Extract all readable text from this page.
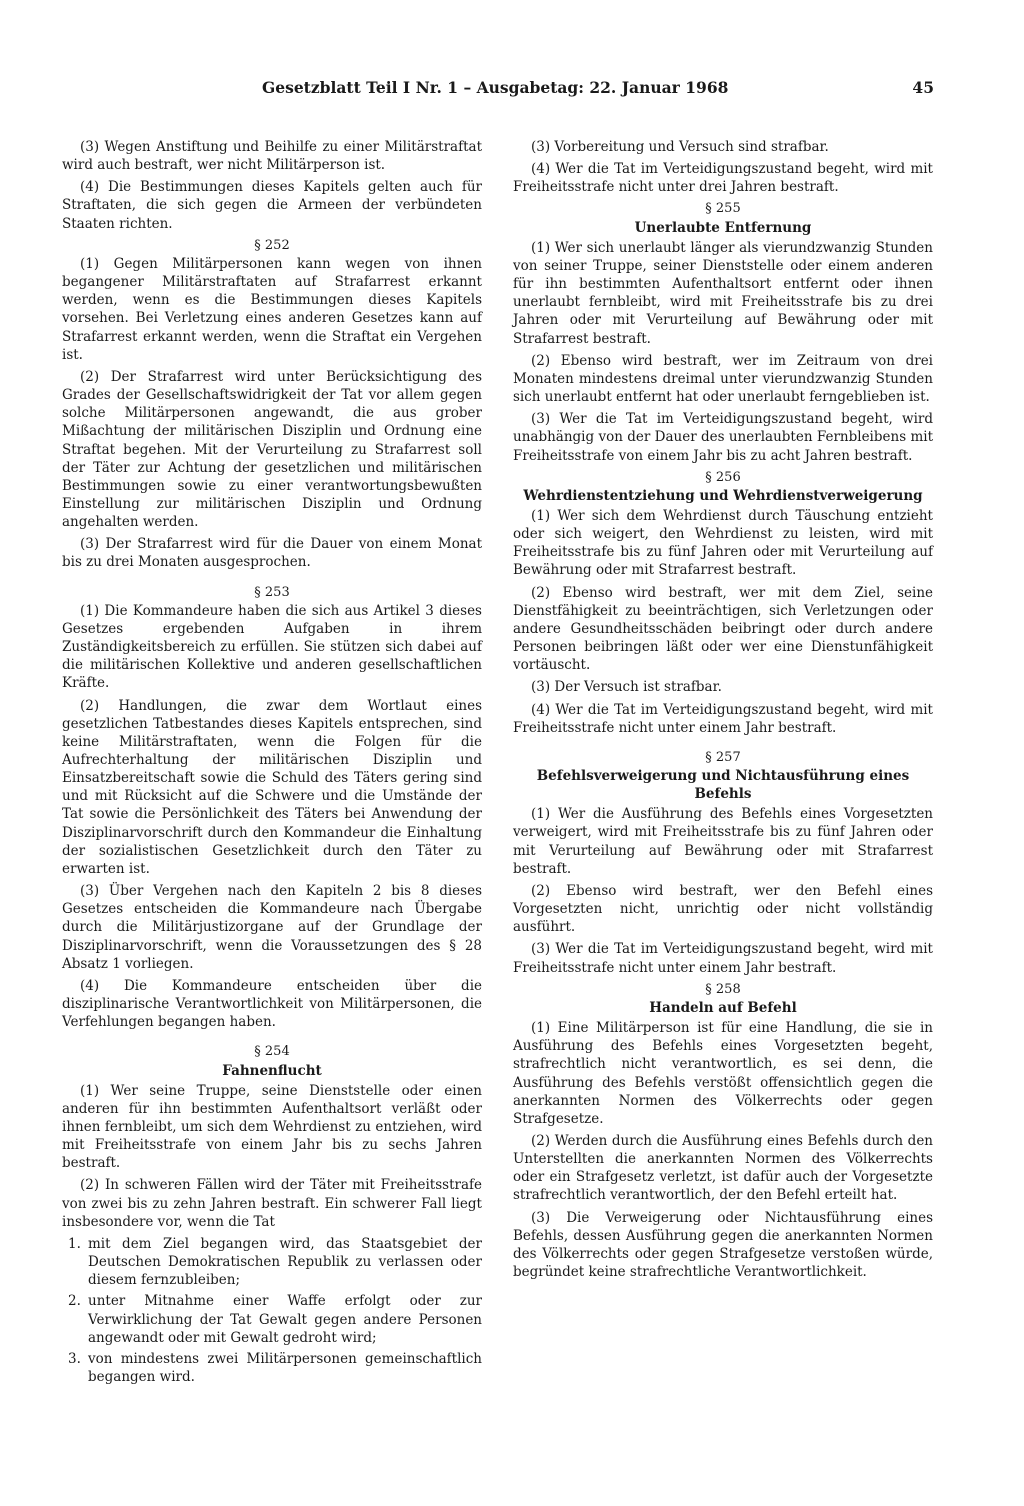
Gesetzblatt Teil I Nr. 1 – Ausgabetag: 22. Januar 1968	45

(3) Wegen Anstiftung und Beihilfe zu einer Militärstraftat wird auch bestraft, wer nicht Militärperson ist.

(4) Die Bestimmungen dieses Kapitels gelten auch für Straftaten, die sich gegen die Armeen der verbündeten Staaten richten.

§ 252

(1) Gegen Militärpersonen kann wegen von ihnen begangener Militärstraftaten auf Strafarrest erkannt werden, wenn es die Bestimmungen dieses Kapitels vorsehen. Bei Verletzung eines anderen Gesetzes kann auf Strafarrest erkannt werden, wenn die Straftat ein Vergehen ist.

(2) Der Strafarrest wird unter Berücksichtigung des Grades der Gesellschaftswidrigkeit der Tat vor allem gegen solche Militärpersonen angewandt, die aus grober Mißachtung der militärischen Disziplin und Ordnung eine Straftat begehen. Mit der Verurteilung zu Strafarrest soll der Täter zur Achtung der gesetzlichen und militärischen Bestimmungen sowie zu einer verantwortungsbewußten Einstellung zur militärischen Disziplin und Ordnung angehalten werden.

(3) Der Strafarrest wird für die Dauer von einem Monat bis zu drei Monaten ausgesprochen.

§ 253

(1) Die Kommandeure haben die sich aus Artikel 3 dieses Gesetzes ergebenden Aufgaben in ihrem Zuständigkeitsbereich zu erfüllen. Sie stützen sich dabei auf die militärischen Kollektive und anderen gesellschaftlichen Kräfte.

(2) Handlungen, die zwar dem Wortlaut eines gesetzlichen Tatbestandes dieses Kapitels entsprechen, sind keine Militärstraftaten, wenn die Folgen für die Aufrechterhaltung der militärischen Disziplin und Einsatzbereitschaft sowie die Schuld des Täters gering sind und mit Rücksicht auf die Schwere und die Umstände der Tat sowie die Persönlichkeit des Täters bei Anwendung der Disziplinarvorschrift durch den Kommandeur die Einhaltung der sozialistischen Gesetzlichkeit durch den Täter zu erwarten ist.

(3) Über Vergehen nach den Kapiteln 2 bis 8 dieses Gesetzes entscheiden die Kommandeure nach Übergabe durch die Militärjustizorgane auf der Grundlage der Disziplinarvorschrift, wenn die Voraussetzungen des § 28 Absatz 1 vorliegen.

(4) Die Kommandeure entscheiden über die disziplinarische Verantwortlichkeit von Militärpersonen, die Verfehlungen begangen haben.

§ 254
Fahnenflucht

(1) Wer seine Truppe, seine Dienststelle oder einen anderen für ihn bestimmten Aufenthaltsort verläßt oder ihnen fernbleibt, um sich dem Wehrdienst zu entziehen, wird mit Freiheitsstrafe von einem Jahr bis zu sechs Jahren bestraft.

(2) In schweren Fällen wird der Täter mit Freiheitsstrafe von zwei bis zu zehn Jahren bestraft. Ein schwerer Fall liegt insbesondere vor, wenn die Tat

1. mit dem Ziel begangen wird, das Staatsgebiet der Deutschen Demokratischen Republik zu verlassen oder diesem fernzubleiben;
2. unter Mitnahme einer Waffe erfolgt oder zur Verwirklichung der Tat Gewalt gegen andere Personen angewandt oder mit Gewalt gedroht wird;
3. von mindestens zwei Militärpersonen gemeinschaftlich begangen wird.

(3) Vorbereitung und Versuch sind strafbar.

(4) Wer die Tat im Verteidigungszustand begeht, wird mit Freiheitsstrafe nicht unter drei Jahren bestraft.

§ 255
Unerlaubte Entfernung

(1) Wer sich unerlaubt länger als vierundzwanzig Stunden von seiner Truppe, seiner Dienststelle oder einem anderen für ihn bestimmten Aufenthaltsort entfernt oder ihnen unerlaubt fernbleibt, wird mit Freiheitsstrafe bis zu drei Jahren oder mit Verurteilung auf Bewährung oder mit Strafarrest bestraft.

(2) Ebenso wird bestraft, wer im Zeitraum von drei Monaten mindestens dreimal unter vierundzwanzig Stunden sich unerlaubt entfernt hat oder unerlaubt ferngeblieben ist.

(3) Wer die Tat im Verteidigungszustand begeht, wird unabhängig von der Dauer des unerlaubten Fernbleibens mit Freiheitsstrafe von einem Jahr bis zu acht Jahren bestraft.

§ 256
Wehrdienstentziehung und Wehrdienstverweigerung

(1) Wer sich dem Wehrdienst durch Täuschung entzieht oder sich weigert, den Wehrdienst zu leisten, wird mit Freiheitsstrafe bis zu fünf Jahren oder mit Verurteilung auf Bewährung oder mit Strafarrest bestraft.

(2) Ebenso wird bestraft, wer mit dem Ziel, seine Dienstfähigkeit zu beeinträchtigen, sich Verletzungen oder andere Gesundheitsschäden beibringt oder durch andere Personen beibringen läßt oder wer eine Dienstunfähigkeit vortäuscht.

(3) Der Versuch ist strafbar.

(4) Wer die Tat im Verteidigungszustand begeht, wird mit Freiheitsstrafe nicht unter einem Jahr bestraft.

§ 257
Befehlsverweigerung und Nichtausführung eines Befehls

(1) Wer die Ausführung des Befehls eines Vorgesetzten verweigert, wird mit Freiheitsstrafe bis zu fünf Jahren oder mit Verurteilung auf Bewährung oder mit Strafarrest bestraft.

(2) Ebenso wird bestraft, wer den Befehl eines Vorgesetzten nicht, unrichtig oder nicht vollständig ausführt.

(3) Wer die Tat im Verteidigungszustand begeht, wird mit Freiheitsstrafe nicht unter einem Jahr bestraft.

§ 258
Handeln auf Befehl

(1) Eine Militärperson ist für eine Handlung, die sie in Ausführung des Befehls eines Vorgesetzten begeht, strafrechtlich nicht verantwortlich, es sei denn, die Ausführung des Befehls verstößt offensichtlich gegen die anerkannten Normen des Völkerrechts oder gegen Strafgesetze.

(2) Werden durch die Ausführung eines Befehls durch den Unterstellten die anerkannten Normen des Völkerrechts oder ein Strafgesetz verletzt, ist dafür auch der Vorgesetzte strafrechtlich verantwortlich, der den Befehl erteilt hat.

(3) Die Verweigerung oder Nichtausführung eines Befehls, dessen Ausführung gegen die anerkannten Normen des Völkerrechts oder gegen Strafgesetze verstoßen würde, begründet keine strafrechtliche Verantwortlichkeit.
